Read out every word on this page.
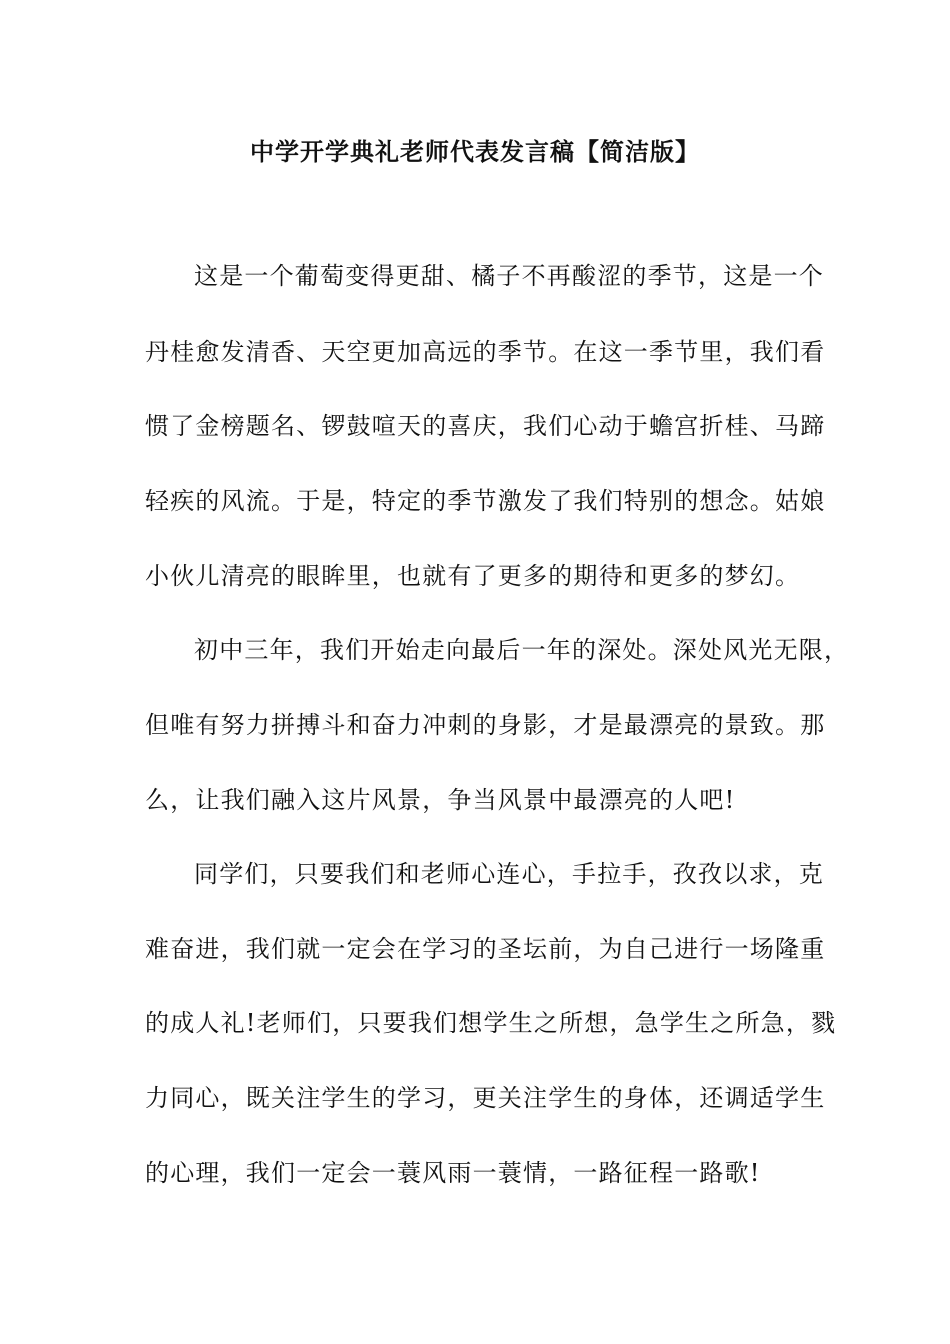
中学开学典礼老师代表发言稿【简洁版】
这是一个葡萄变得更甜、橘子不再酸涩的季节，这是一个
丹桂愈发清香、天空更加高远的季节。在这一季节里，我们看
惯了金榜题名、锣鼓喧天的喜庆，我们心动于蟾宫折桂、马蹄
轻疾的风流。于是，特定的季节激发了我们特别的想念。姑娘
小伙儿清亮的眼眸里，也就有了更多的期待和更多的梦幻。
初中三年，我们开始走向最后一年的深处。深处风光无限，
但唯有努力拼搏斗和奋力冲刺的身影，才是最漂亮的景致。那
么，让我们融入这片风景，争当风景中最漂亮的人吧!
同学们，只要我们和老师心连心，手拉手，孜孜以求，克
难奋进，我们就一定会在学习的圣坛前，为自己进行一场隆重
的成人礼!老师们，只要我们想学生之所想，急学生之所急，戮
力同心，既关注学生的学习，更关注学生的身体，还调适学生
的心理，我们一定会一蓑风雨一蓑情，一路征程一路歌!
